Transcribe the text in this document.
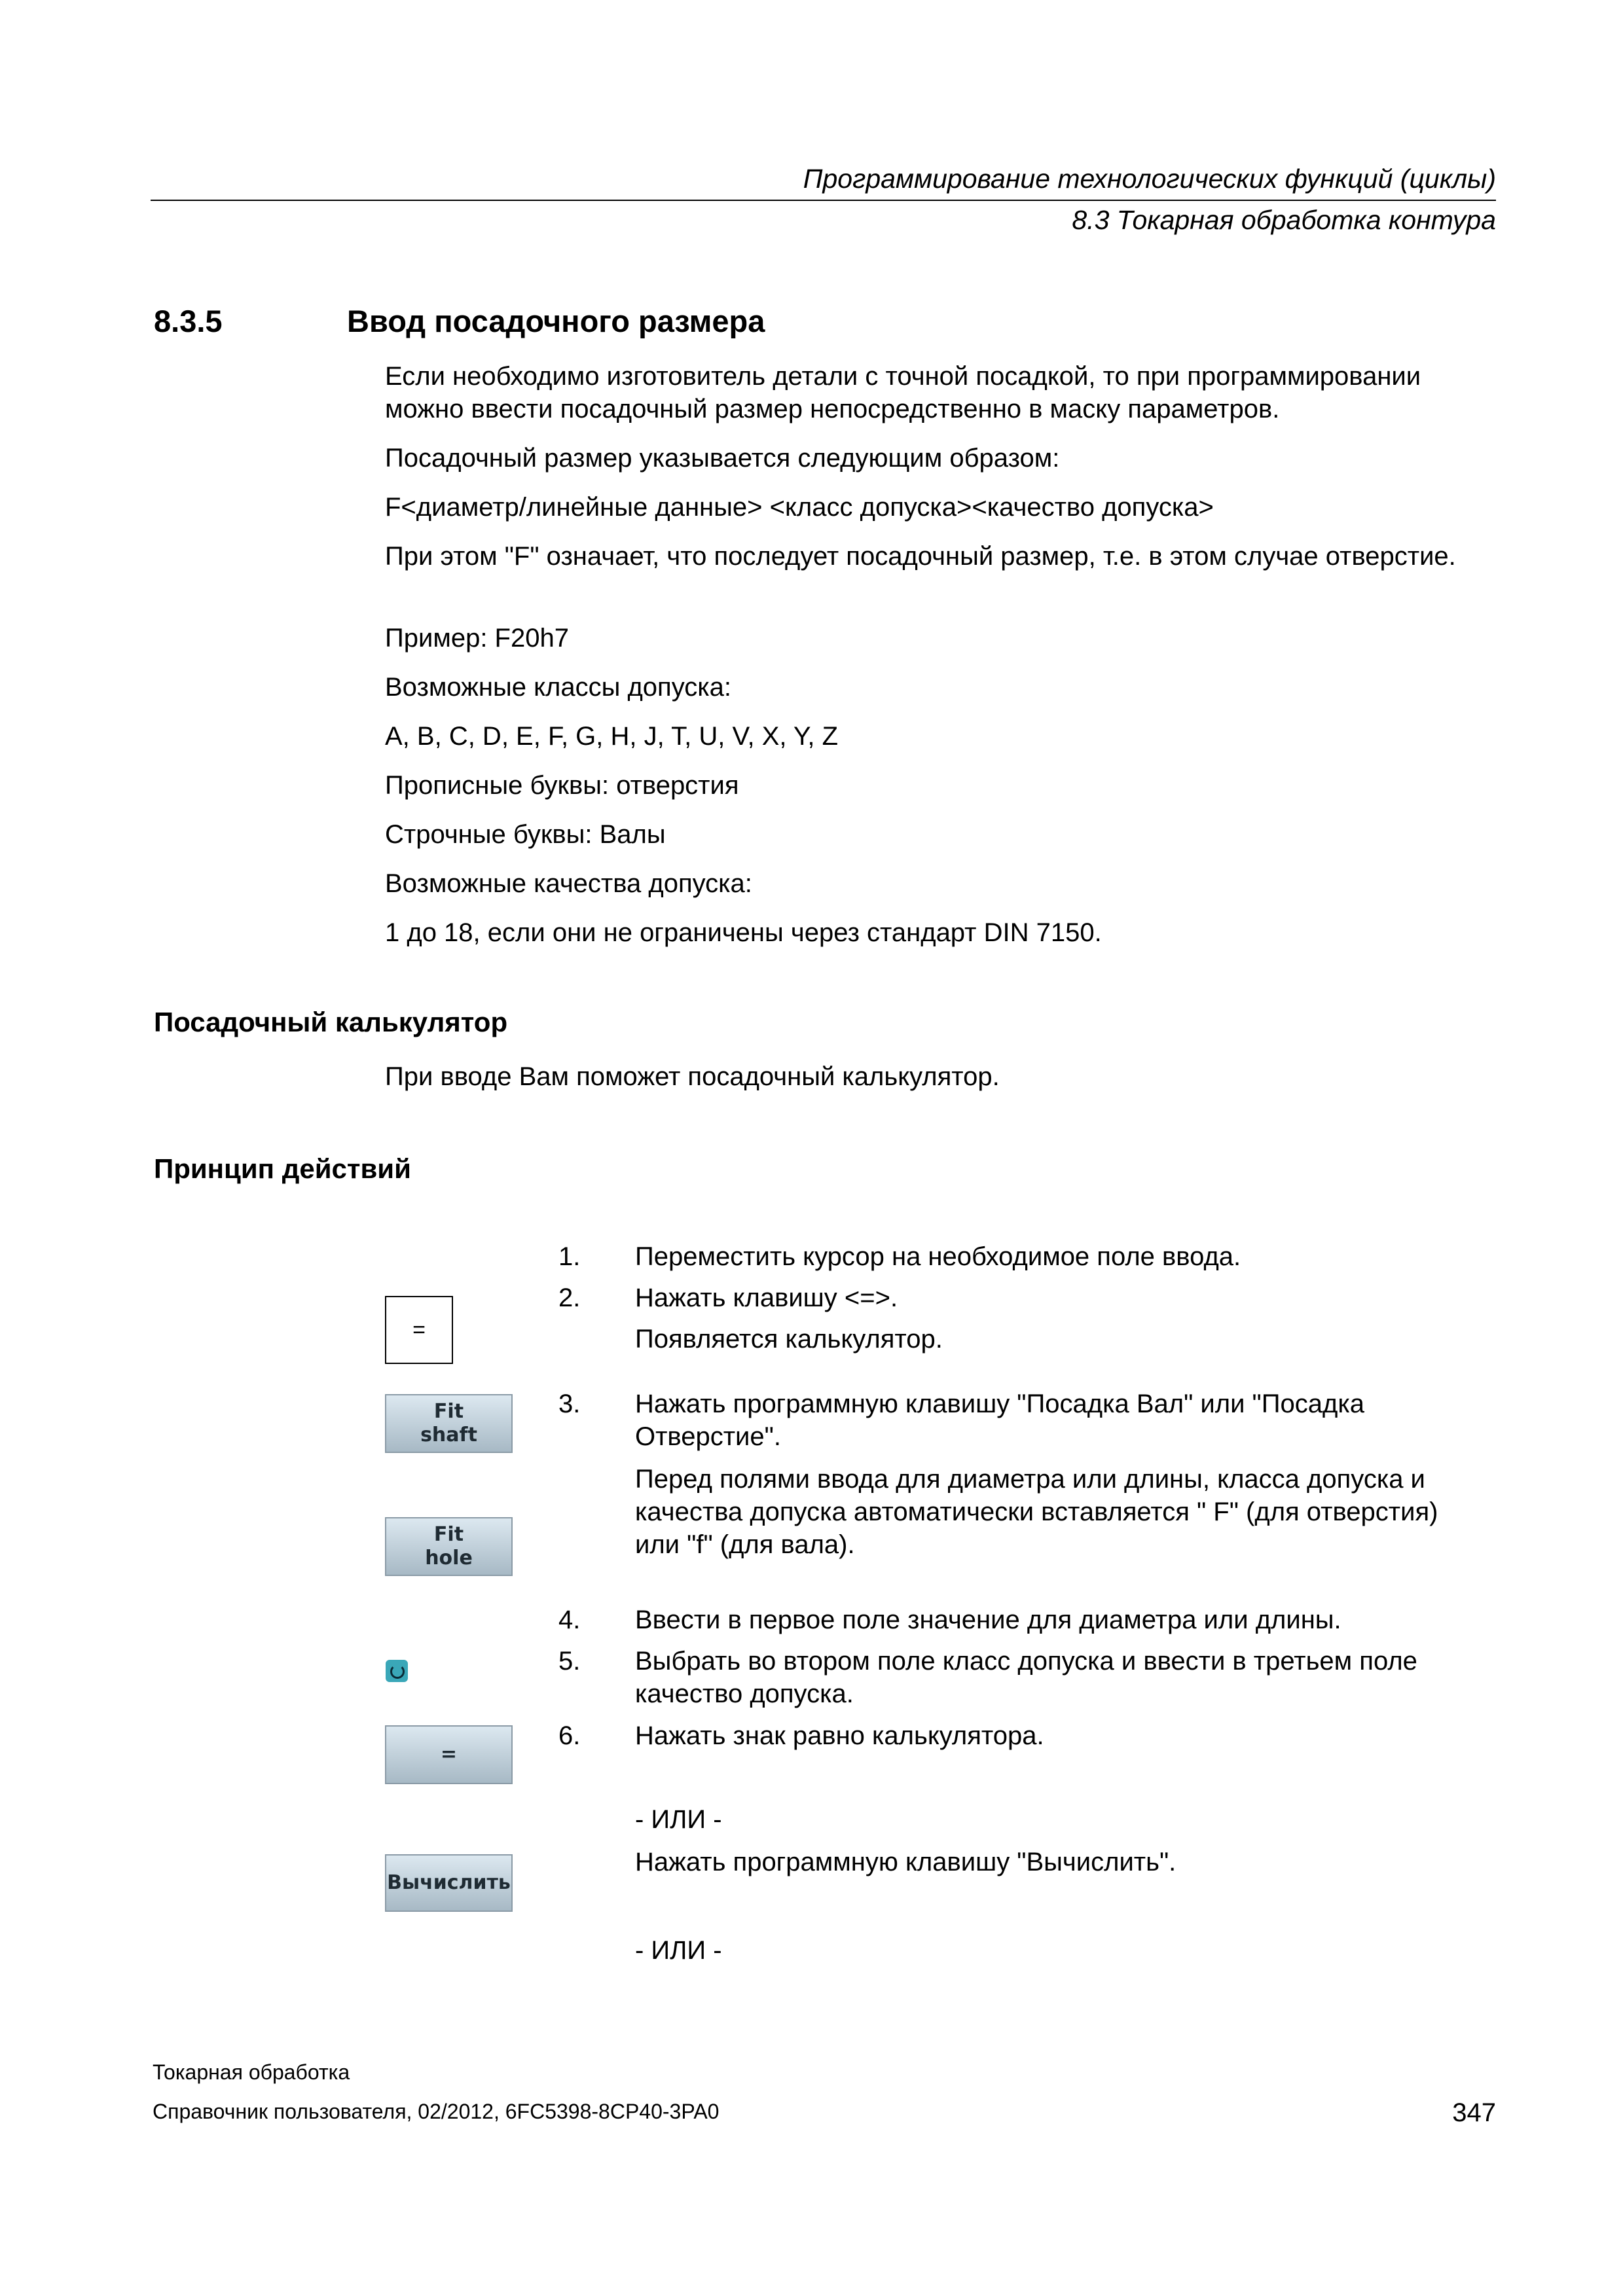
Программирование технологических функций (циклы)
8.3 Токарная обработка контура
8.3.5	Ввод посадочного размера
Если необходимо изготовитель детали с точной посадкой, то при программировании можно ввести посадочный размер непосредственно в маску параметров.
Посадочный размер указывается следующим образом:
F<диаметр/линейные данные> <класс допуска><качество допуска>
При этом "F" означает, что последует посадочный размер, т.е. в этом случае отверстие.
Пример: F20h7
Возможные классы допуска:
A, B, C, D, E, F, G, H, J, T, U, V, X, Y, Z
Прописные буквы: отверстия
Строчные буквы: Валы
Возможные качества допуска:
1 до 18, если они не ограничены через стандарт DIN 7150.
Посадочный калькулятор
При вводе Вам поможет посадочный калькулятор.
Принцип действий
1. Переместить курсор на необходимое поле ввода.
2. Нажать клавишу <=>.
Появляется калькулятор.
3. Нажать программную клавишу "Посадка Вал" или "Посадка Отверстие".
Перед полями ввода для диаметра или длины, класса допуска и качества допуска автоматически вставляется " F" (для отверстия) или "f" (для вала).
4. Ввести в первое поле значение для диаметра или длины.
5. Выбрать во втором поле класс допуска и ввести в третьем поле качество допуска.
6. Нажать знак равно калькулятора.
- ИЛИ -
Нажать программную клавишу "Вычислить".
- ИЛИ -
=
Fit
shaft
Fit
hole
=
Вычислить
Токарная обработка
Справочник пользователя, 02/2012, 6FC5398-8CP40-3PA0	347
